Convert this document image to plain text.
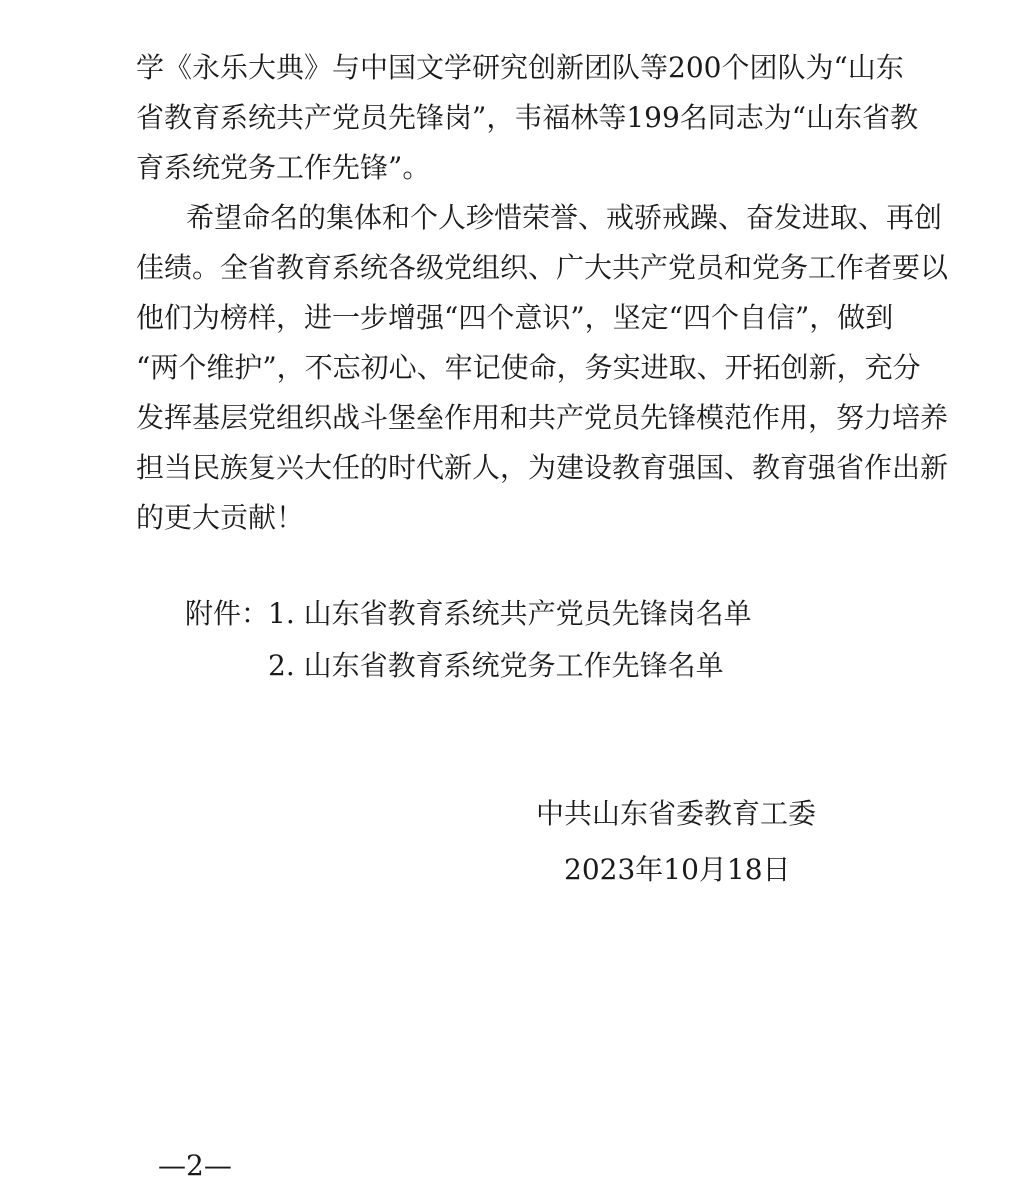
学《永乐大典》与中国文学研究创新团队等200个团队为“山东
省教育系统共产党员先锋岗”，韦福林等199名同志为“山东省教
育系统党务工作先锋”。
希望命名的集体和个人珍惜荣誉、戒骄戒躁、奋发进取、再创
佳绩。全省教育系统各级党组织、广大共产党员和党务工作者要以
他们为榜样，进一步增强“四个意识”，坚定“四个自信”，做到
“两个维护”，不忘初心、牢记使命，务实进取、开拓创新，充分
发挥基层党组织战斗堡垒作用和共产党员先锋模范作用，努力培养
担当民族复兴大任的时代新人，为建设教育强国、教育强省作出新
的更大贡献！
附件：
1. 山东省教育系统共产党员先锋岗名单
2. 山东省教育系统党务工作先锋名单
中共山东省委教育工委
2023年10月18日
—2—
